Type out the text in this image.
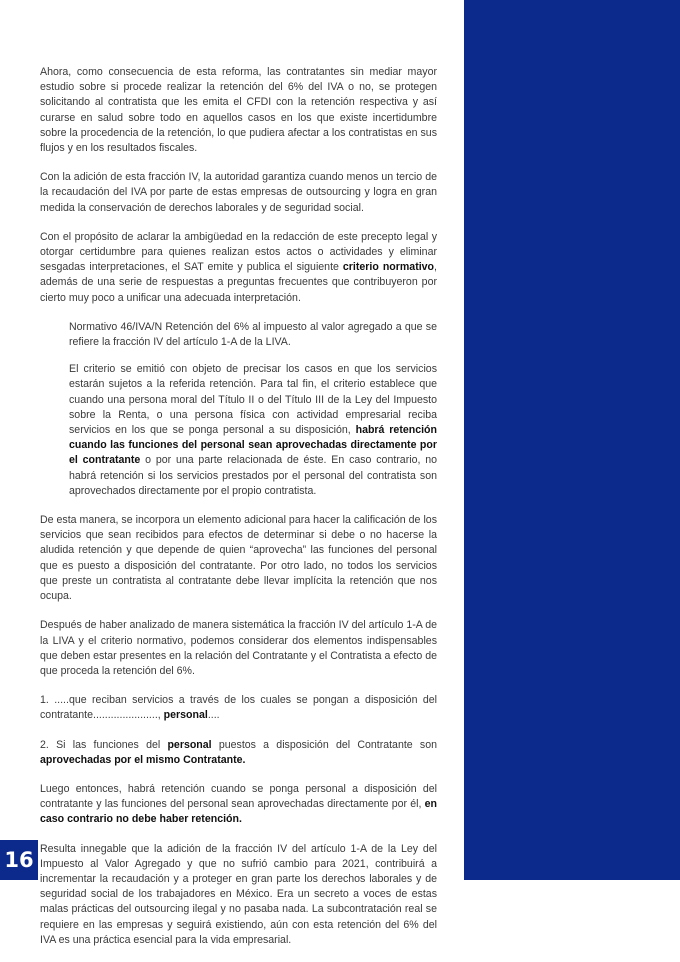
Ahora, como consecuencia de esta reforma, las contratantes sin mediar mayor estudio sobre si procede realizar la retención del 6% del IVA o no, se protegen solicitando al contratista que les emita el CFDI con la retención respectiva y así curarse en salud sobre todo en aquellos casos en los que existe incertidumbre sobre la procedencia de la retención, lo que pudiera afectar a los contratistas en sus flujos y en los resultados fiscales.

Con la adición de esta fracción IV, la autoridad garantiza cuando menos un tercio de la recaudación del IVA por parte de estas empresas de outsourcing y logra en gran medida la conservación de derechos laborales y de seguridad social.

Con el propósito de aclarar la ambigüedad en la redacción de este precepto legal y otorgar certidumbre para quienes realizan estos actos o actividades y eliminar sesgadas interpretaciones, el SAT emite y publica el siguiente criterio normativo, además de una serie de respuestas a preguntas frecuentes que contribuyeron por cierto muy poco a unificar una adecuada interpretación.

Normativo 46/IVA/N Retención del 6% al impuesto al valor agregado a que se refiere la fracción IV del artículo 1-A de la LIVA.

El criterio se emitió con objeto de precisar los casos en que los servicios estarán sujetos a la referida retención. Para tal fin, el criterio establece que cuando una persona moral del Título II o del Título III de la Ley del Impuesto sobre la Renta, o una persona física con actividad empresarial reciba servicios en los que se ponga personal a su disposición, habrá retención cuando las funciones del personal sean aprovechadas directamente por el contratante o por una parte relacionada de éste. En caso contrario, no habrá retención si los servicios prestados por el personal del contratista son aprovechados directamente por el propio contratista.

De esta manera, se incorpora un elemento adicional para hacer la calificación de los servicios que sean recibidos para efectos de determinar si debe o no hacerse la aludida retención y que depende de quien “aprovecha” las funciones del personal que es puesto a disposición del contratante. Por otro lado, no todos los servicios que preste un contratista al contratante debe llevar implícita la retención que nos ocupa.

Después de haber analizado de manera sistemática la fracción IV del artículo 1-A de la LIVA y el criterio normativo, podemos considerar dos elementos indispensables que deben estar presentes en la relación del Contratante y el Contratista a efecto de que proceda la retención del 6%.

1. .....que reciban servicios a través de los cuales se pongan a disposición del contratante......................, personal....

2. Si las funciones del personal puestos a disposición del Contratante son aprovechadas por el mismo Contratante.

Luego entonces, habrá retención cuando se ponga personal a disposición del contratante y las funciones del personal sean aprovechadas directamente por él, en caso contrario no debe haber retención.

Resulta innegable que la adición de la fracción IV del artículo 1-A de la Ley del Impuesto al Valor Agregado y que no sufrió cambio para 2021, contribuirá a incrementar la recaudación y a proteger en gran parte los derechos laborales y de seguridad social de los trabajadores en México. Era un secreto a voces de estas malas prácticas del outsourcing ilegal y no pasaba nada. La subcontratación real se requiere en las empresas y seguirá existiendo, aún con esta retención del 6% del IVA es una práctica esencial para la vida empresarial.

16
